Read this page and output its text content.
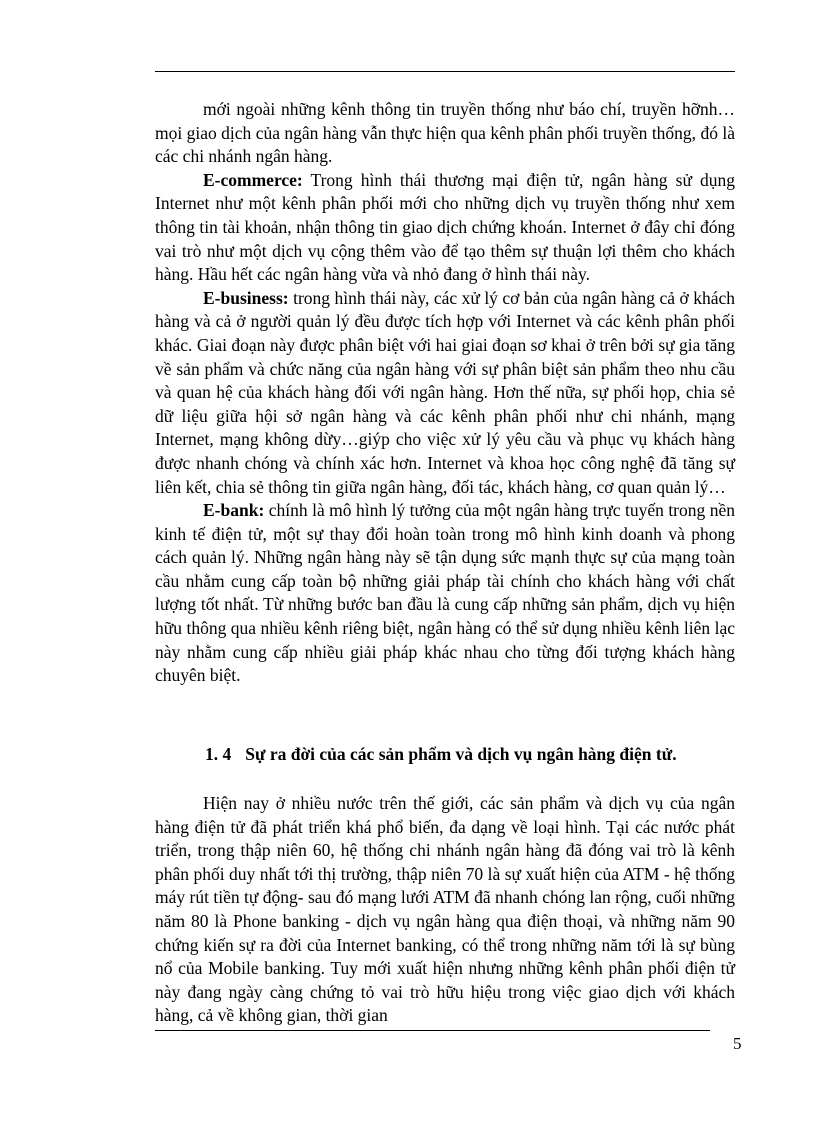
mới ngoài những kênh thông tin truyền thống như báo chí, truyền hỡnh… mọi giao dịch của ngân hàng vẫn thực hiện qua kênh phân phối truyền thống, đó là các chi nhánh ngân hàng.

E-commerce: Trong hình thái thương mại điện tử, ngân hàng sử dụng Internet như một kênh phân phối mới cho những dịch vụ truyền thống như xem thông tin tài khoản, nhận thông tin giao dịch chứng khoán. Internet ở đây chỉ đóng vai trò như một dịch vụ cộng thêm vào để tạo thêm sự thuận lợi thêm cho khách hàng. Hầu hết các ngân hàng vừa và nhỏ đang ở hình thái này.

E-business: trong hình thái này, các xử lý cơ bản của ngân hàng cả ở khách hàng và cả ở người quản lý đều được tích hợp với Internet và các kênh phân phối khác. Giai đoạn này được phân biệt với hai giai đoạn sơ khai ở trên bởi sự gia tăng về sản phẩm và chức năng của ngân hàng với sự phân biệt sản phẩm theo nhu cầu và quan hệ của khách hàng đối với ngân hàng. Hơn thế nữa, sự phối họp, chia sẻ dữ liệu giữa hội sở ngân hàng và các kênh phân phối như chi nhánh, mạng Internet, mạng không dừy…giýp cho việc xử lý yêu cầu và phục vụ khách hàng được nhanh chóng và chính xác hơn. Internet và khoa học công nghệ đã tăng sự liên kết, chia sẻ thông tin giữa ngân hàng, đối tác, khách hàng, cơ quan quản lý…

E-bank: chính là mô hình lý tưởng của một ngân hàng trực tuyến trong nền kinh tế điện tử, một sự thay đổi hoàn toàn trong mô hình kinh doanh và phong cách quản lý. Những ngân hàng này sẽ tận dụng sức mạnh thực sự của mạng toàn cầu nhằm cung cấp toàn bộ những giải pháp tài chính cho khách hàng với chất lượng tốt nhất. Từ những bước ban đầu là cung cấp những sản phẩm, dịch vụ hiện hữu thông qua nhiều kênh riêng biệt, ngân hàng có thể sử dụng nhiều kênh liên lạc này nhằm cung cấp nhiều giải pháp khác nhau cho từng đối tượng khách hàng chuyên biệt.

1. 4 Sự ra đời của các sản phẩm và dịch vụ ngân hàng điện tử.

Hiện nay ở nhiều nước trên thế giới, các sản phẩm và dịch vụ của ngân hàng điện tử đã phát triển khá phổ biến, đa dạng về loại hình. Tại các nước phát triển, trong thập niên 60, hệ thống chi nhánh ngân hàng đã đóng vai trò là kênh phân phối duy nhất tới thị trường, thập niên 70 là sự xuất hiện của ATM - hệ thống máy rút tiền tự động- sau đó mạng lưới ATM đã nhanh chóng lan rộng, cuối những năm 80 là Phone banking - dịch vụ ngân hàng qua điện thoại, và những năm 90 chứng kiến sự ra đời của Internet banking, có thể trong những năm tới là sự bùng nổ của Mobile banking. Tuy mới xuất hiện nhưng những kênh phân phối điện tử này đang ngày càng chứng tỏ vai trò hữu hiệu trong việc giao dịch với khách hàng, cả về không gian, thời gian

5
